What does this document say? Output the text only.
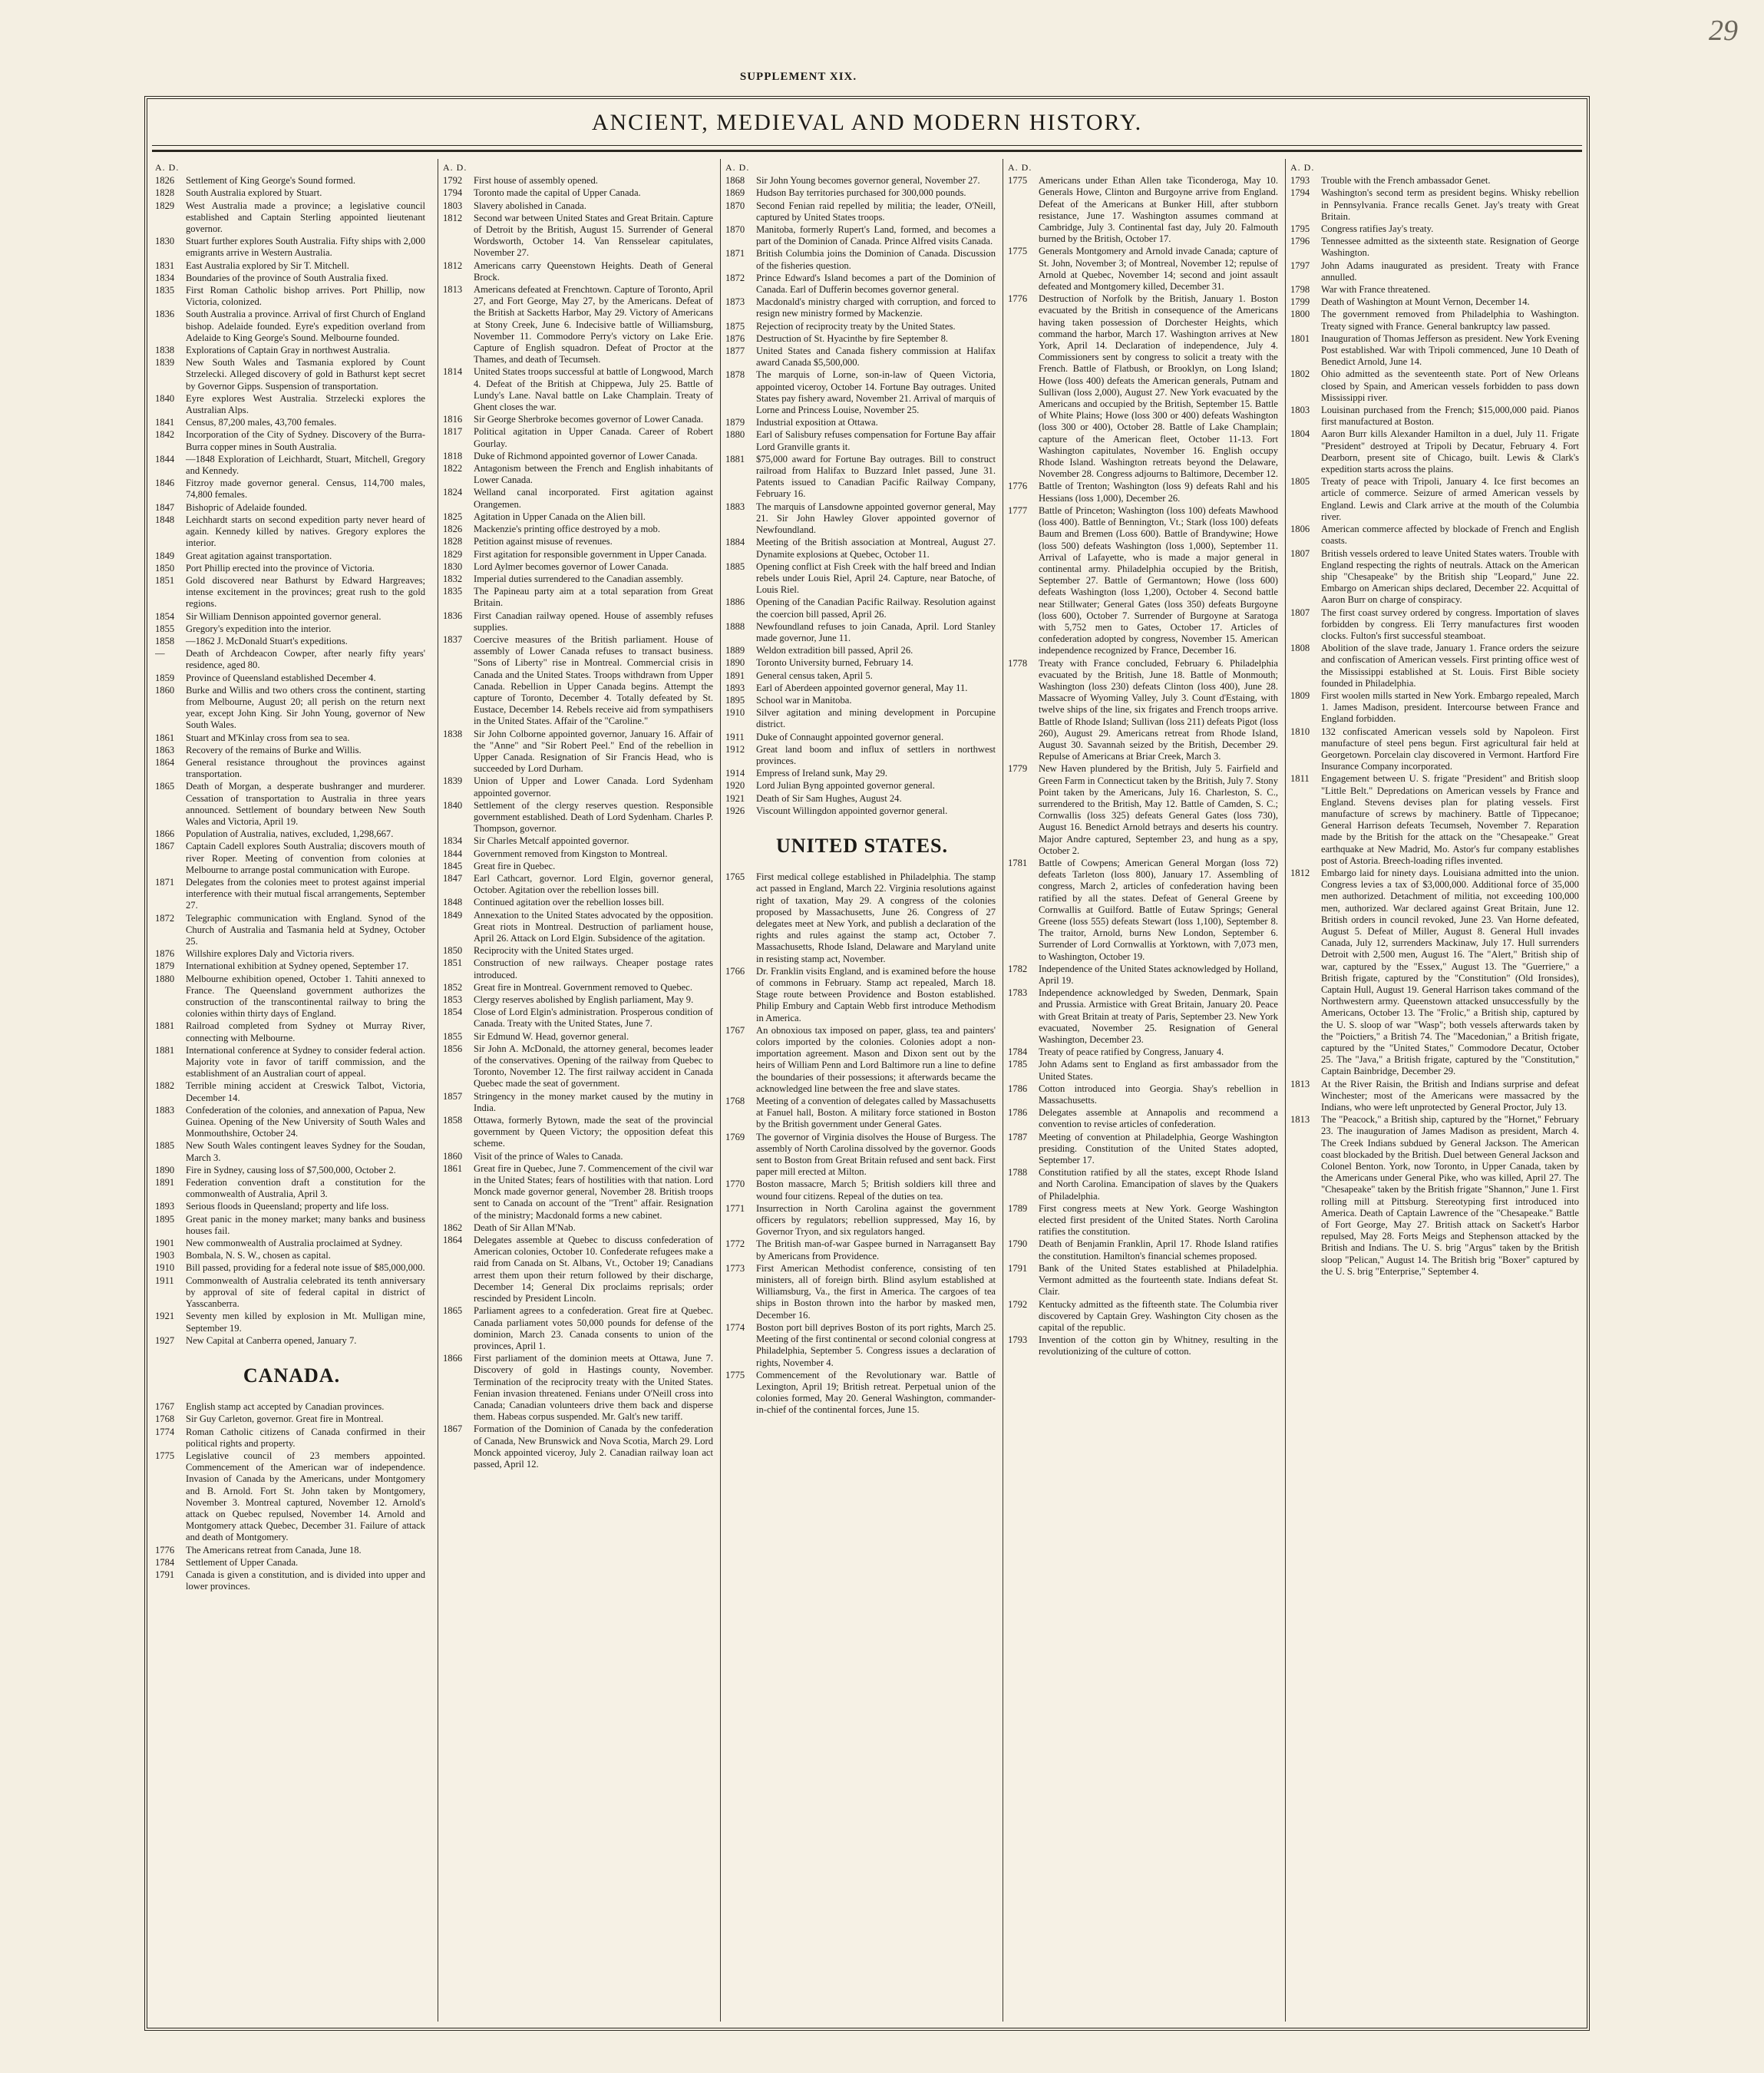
29
SUPPLEMENT XIX.
ANCIENT, MEDIEVAL AND MODERN HISTORY.
A. D.
1826	Settlement of King George's Sound formed.
1828	South Australia explored by Stuart.
1829	West Australia made a province; a legislative council established and Captain Sterling appointed lieutenant governor.
1830	Stuart further explores South Australia. Fifty ships with 2,000 emigrants arrive in Western Australia.
1831	East Australia explored by Sir T. Mitchell.
1834	Boundaries of the province of South Australia fixed.
1835	First Roman Catholic bishop arrives. Port Phillip, now Victoria, colonized.
1836	South Australia a province. Arrival of first Church of England bishop. Adelaide founded. Eyre's expedition overland from Adelaide to King George's Sound. Melbourne founded.
1838	Explorations of Captain Gray in northwest Australia.
1839	New South Wales and Tasmania explored by Count Strzelecki. Alleged discovery of gold in Bathurst kept secret by Governor Gipps. Suspension of transportation.
1840	Eyre explores West Australia. Strzelecki explores the Australian Alps.
1841	Census, 87,200 males, 43,700 females.
1842	Incorporation of the City of Sydney. Discovery of the Burra-Burra copper mines in South Australia.
1844	—1848 Exploration of Leichhardt, Stuart, Mitchell, Gregory and Kennedy.
1846	Fitzroy made governor general. Census, 114,700 males, 74,800 females.
1847	Bishopric of Adelaide founded.
1848	Leichhardt starts on second expedition party never heard of again. Kennedy killed by natives. Gregory explores the interior.
1849	Great agitation against transportation.
1850	Port Phillip erected into the province of Victoria.
1851	Gold discovered near Bathurst by Edward Hargreaves; intense excitement in the provinces; great rush to the gold regions.
1854	Sir William Dennison appointed governor general.
1855	Gregory's expedition into the interior.
1858	—1862 J. McDonald Stuart's expeditions.
—	Death of Archdeacon Cowper, after nearly fifty years' residence, aged 80.
1859	Province of Queensland established December 4.
1860	Burke and Willis and two others cross the continent, starting from Melbourne, August 20; all perish on the return next year, except John King. Sir John Young, governor of New South Wales.
1861	Stuart and M'Kinlay cross from sea to sea.
1863	Recovery of the remains of Burke and Willis.
1864	General resistance throughout the provinces against transportation.
1865	Death of Morgan, a desperate bushranger and murderer. Cessation of transportation to Australia in three years announced. Settlement of boundary between New South Wales and Victoria, April 19.
1866	Population of Australia, natives, excluded, 1,298,667.
1867	Captain Cadell explores South Australia; discovers mouth of river Roper. Meeting of convention from colonies at Melbourne to arrange postal communication with Europe.
1871	Delegates from the colonies meet to protest against imperial interference with their mutual fiscal arrangements, September 27.
1872	Telegraphic communication with England. Synod of the Church of Australia and Tasmania held at Sydney, October 25.
1876	Willshire explores Daly and Victoria rivers.
1879	International exhibition at Sydney opened, September 17.
1880	Melbourne exhibition opened, October 1. Tahiti annexed to France. The Queensland government authorizes the construction of the transcontinental railway to bring the colonies within thirty days of England.
1881	Railroad completed from Sydney ot Murray River, connecting with Melbourne.
1881	International conference at Sydney to consider federal action. Majority vote in favor of tariff commission, and the establishment of an Australian court of appeal.
1882	Terrible mining accident at Creswick Talbot, Victoria, December 14.
1883	Confederation of the colonies, and annexation of Papua, New Guinea. Opening of the New University of South Wales and Monmouthshire, October 24.
1885	New South Wales contingent leaves Sydney for the Soudan, March 3.
1890	Fire in Sydney, causing loss of $7,500,000, October 2.
1891	Federation convention draft a constitution for the commonwealth of Australia, April 3.
1893	Serious floods in Queensland; property and life loss.
1895	Great panic in the money market; many banks and business houses fail.
1901	New commonwealth of Australia proclaimed at Sydney.
1903	Bombala, N. S. W., chosen as capital.
1910	Bill passed, providing for a federal note issue of $85,000,000.
1911	Commonwealth of Australia celebrated its tenth anniversary by approval of site of federal capital in district of Yasscanberra.
1921	Seventy men killed by explosion in Mt. Mulligan mine, September 19.
1927	New Capital at Canberra opened, January 7.
CANADA.
1767	English stamp act accepted by Canadian provinces.
1768	Sir Guy Carleton, governor. Great fire in Montreal.
1774	Roman Catholic citizens of Canada confirmed in their political rights and property.
1775	Legislative council of 23 members appointed. Commencement of the American war of independence. Invasion of Canada by the Americans, under Montgomery and B. Arnold. Fort St. John taken by Montgomery, November 3. Montreal captured, November 12. Arnold's attack on Quebec repulsed, November 14. Arnold and Montgomery attack Quebec, December 31. Failure of attack and death of Montgomery.
1776	The Americans retreat from Canada, June 18.
1784	Settlement of Upper Canada.
1791	Canada is given a constitution, and is divided into upper and lower provinces.
A. D.
1792	First house of assembly opened.
1794	Toronto made the capital of Upper Canada.
1803	Slavery abolished in Canada.
1812	Second war between United States and Great Britain. Capture of Detroit by the British, August 15. Surrender of General Wordsworth, October 14. Van Rensselear capitulates, November 27.
1812	Americans carry Queenstown Heights. Death of General Brock.
1813	Americans defeated at Frenchtown. Capture of Toronto, April 27, and Fort George, May 27, by the Americans. Defeat of the British at Sacketts Harbor, May 29. Victory of Americans at Stony Creek, June 6. Indecisive battle of Williamsburg, November 11. Commodore Perry's victory on Lake Erie. Capture of English squadron. Defeat of Proctor at the Thames, and death of Tecumseh.
1814	United States troops successful at battle of Longwood, March 4. Defeat of the British at Chippewa, July 25. Battle of Lundy's Lane. Naval battle on Lake Champlain. Treaty of Ghent closes the war.
1816	Sir George Sherbroke becomes governor of Lower Canada.
1817	Political agitation in Upper Canada. Career of Robert Gourlay.
1818	Duke of Richmond appointed governor of Lower Canada.
1822	Antagonism between the French and English inhabitants of Lower Canada.
1824	Welland canal incorporated. First agitation against Orangemen.
1825	Agitation in Upper Canada on the Alien bill.
1826	Mackenzie's printing office destroyed by a mob.
1828	Petition against misuse of revenues.
1829	First agitation for responsible government in Upper Canada.
1830	Lord Aylmer becomes governor of Lower Canada.
1832	Imperial duties surrendered to the Canadian assembly.
1835	The Papineau party aim at a total separation from Great Britain.
1836	First Canadian railway opened. House of assembly refuses supplies.
1837	Coercive measures of the British parliament. House of assembly of Lower Canada refuses to transact business. "Sons of Liberty" rise in Montreal. Commercial crisis in Canada and the United States. Troops withdrawn from Upper Canada. Rebellion in Upper Canada begins. Attempt the capture of Toronto, December 4. Totally defeated by St. Eustace, December 14. Rebels receive aid from sympathisers in the United States. Affair of the "Caroline."
1838	Sir John Colborne appointed governor, January 16. Affair of the "Anne" and "Sir Robert Peel." End of the rebellion in Upper Canada. Resignation of Sir Francis Head, who is succeeded by Lord Durham.
1839	Union of Upper and Lower Canada. Lord Sydenham appointed governor.
1840	Settlement of the clergy reserves question. Responsible government established. Death of Lord Sydenham. Charles P. Thompson, governor.
1834	Sir Charles Metcalf appointed governor.
1844	Government removed from Kingston to Montreal.
1845	Great fire in Quebec.
1847	Earl Cathcart, governor. Lord Elgin, governor general, October. Agitation over the rebellion losses bill.
1848	Continued agitation over the rebellion losses bill.
1849	Annexation to the United States advocated by the opposition. Great riots in Montreal. Destruction of parliament house, April 26. Attack on Lord Elgin. Subsidence of the agitation.
1850	Reciprocity with the United States urged.
1851	Construction of new railways. Cheaper postage rates introduced.
1852	Great fire in Montreal. Government removed to Quebec.
1853	Clergy reserves abolished by English parliament, May 9.
1854	Close of Lord Elgin's administration. Prosperous condition of Canada. Treaty with the United States, June 7.
1855	Sir Edmund W. Head, governor general.
1856	Sir John A. McDonald, the attorney general, becomes leader of the conservatives. Opening of the railway from Quebec to Toronto, November 12. The first railway accident in Canada Quebec made the seat of government.
1857	Stringency in the money market caused by the mutiny in India.
1858	Ottawa, formerly Bytown, made the seat of the provincial government by Queen Victory; the opposition defeat this scheme.
1860	Visit of the prince of Wales to Canada.
1861	Great fire in Quebec, June 7. Commencement of the civil war in the United States; fears of hostilities with that nation. Lord Monck made governor general, November 28. British troops sent to Canada on account of the "Trent" affair. Resignation of the ministry; Macdonald forms a new cabinet.
1862	Death of Sir Allan M'Nab.
1864	Delegates assemble at Quebec to discuss confederation of American colonies, October 10. Confederate refugees make a raid from Canada on St. Albans, Vt., October 19; Canadians arrest them upon their return followed by their discharge, December 14; General Dix proclaims reprisals; order rescinded by President Lincoln.
1865	Parliament agrees to a confederation. Great fire at Quebec. Canada parliament votes 50,000 pounds for defense of the dominion, March 23. Canada consents to union of the provinces, April 1.
1866	First parliament of the dominion meets at Ottawa, June 7. Discovery of gold in Hastings county, November. Termination of the reciprocity treaty with the United States. Fenian invasion threatened. Fenians under O'Neill cross into Canada; Canadian volunteers drive them back and disperse them. Habeas corpus suspended. Mr. Galt's new tariff.
1867	Formation of the Dominion of Canada by the confederation of Canada, New Brunswick and Nova Scotia, March 29. Lord Monck appointed viceroy, July 2. Canadian railway loan act passed, April 12.
A. D.
1868	Sir John Young becomes governor general, November 27.
1869	Hudson Bay territories purchased for 300,000 pounds.
1870	Second Fenian raid repelled by militia; the leader, O'Neill, captured by United States troops.
1870	Manitoba, formerly Rupert's Land, formed, and becomes a part of the Dominion of Canada. Prince Alfred visits Canada.
1871	British Columbia joins the Dominion of Canada. Discussion of the fisheries question.
1872	Prince Edward's Island becomes a part of the Dominion of Canada. Earl of Dufferin becomes governor general.
1873	Macdonald's ministry charged with corruption, and forced to resign new ministry formed by Mackenzie.
1875	Rejection of reciprocity treaty by the United States.
1876	Destruction of St. Hyacinthe by fire September 8.
1877	United States and Canada fishery commission at Halifax award Canada $5,500,000.
1878	The marquis of Lorne, son-in-law of Queen Victoria, appointed viceroy, October 14. Fortune Bay outrages. United States pay fishery award, November 21. Arrival of marquis of Lorne and Princess Louise, November 25.
1879	Industrial exposition at Ottawa.
1880	Earl of Salisbury refuses compensation for Fortune Bay affair Lord Granville grants it.
1881	$75,000 award for Fortune Bay outrages. Bill to construct railroad from Halifax to Buzzard Inlet passed, June 31. Patents issued to Canadian Pacific Railway Company, February 16.
1883	The marquis of Lansdowne appointed governor general, May 21. Sir John Hawley Glover appointed governor of Newfoundland.
1884	Meeting of the British association at Montreal, August 27. Dynamite explosions at Quebec, October 11.
1885	Opening conflict at Fish Creek with the half breed and Indian rebels under Louis Riel, April 24. Capture, near Batoche, of Louis Riel.
1886	Opening of the Canadian Pacific Railway. Resolution against the coercion bill passed, April 26.
1888	Newfoundland refuses to join Canada, April. Lord Stanley made governor, June 11.
1889	Weldon extradition bill passed, April 26.
1890	Toronto University burned, February 14.
1891	General census taken, April 5.
1893	Earl of Aberdeen appointed governor general, May 11.
1895	School war in Manitoba.
1910	Silver agitation and mining development in Porcupine district.
1911	Duke of Connaught appointed governor general.
1912	Great land boom and influx of settlers in northwest provinces.
1914	Empress of Ireland sunk, May 29.
1920	Lord Julian Byng appointed governor general.
1921	Death of Sir Sam Hughes, August 24.
1926	Viscount Willingdon appointed governor general.
UNITED STATES.
1765	First medical college established in Philadelphia. The stamp act passed in England, March 22. Virginia resolutions against right of taxation, May 29. A congress of the colonies proposed by Massachusetts, June 26. Congress of 27 delegates meet at New York, and publish a declaration of the rights and rules against the stamp act, October 7. Massachusetts, Rhode Island, Delaware and Maryland unite in resisting stamp act, November.
1766	Dr. Franklin visits England, and is examined before the house of commons in February. Stamp act repealed, March 18. Stage route between Providence and Boston established. Philip Embury and Captain Webb first introduce Methodism in America.
1767	An obnoxious tax imposed on paper, glass, tea and painters' colors imported by the colonies. Colonies adopt a non-importation agreement. Mason and Dixon sent out by the heirs of William Penn and Lord Baltimore run a line to define the boundaries of their possessions; it afterwards became the acknowledged line between the free and slave states.
1768	Meeting of a convention of delegates called by Massachusetts at Fanuel hall, Boston. A military force stationed in Boston by the British government under General Gates.
1769	The governor of Virginia disolves the House of Burgess. The assembly of North Carolina dissolved by the governor. Goods sent to Boston from Great Britain refused and sent back. First paper mill erected at Milton.
1770	Boston massacre, March 5; British soldiers kill three and wound four citizens. Repeal of the duties on tea.
1771	Insurrection in North Carolina against the government officers by regulators; rebellion suppressed, May 16, by Governor Tryon, and six regulators hanged.
1772	The British man-of-war Gaspee burned in Narragansett Bay by Americans from Providence.
1773	First American Methodist conference, consisting of ten ministers, all of foreign birth. Blind asylum established at Williamsburg, Va., the first in America. The cargoes of tea ships in Boston thrown into the harbor by masked men, December 16.
1774	Boston port bill deprives Boston of its port rights, March 25. Meeting of the first continental or second colonial congress at Philadelphia, September 5. Congress issues a declaration of rights, November 4.
1775	Commencement of the Revolutionary war. Battle of Lexington, April 19; British retreat. Perpetual union of the colonies formed, May 20. General Washington, commander-in-chief of the continental forces, June 15.
A. D.
1775	Americans under Ethan Allen take Ticonderoga, May 10. Generals Howe, Clinton and Burgoyne arrive from England. Defeat of the Americans at Bunker Hill, after stubborn resistance, June 17. Washington assumes command at Cambridge, July 3. Continental fast day, July 20. Falmouth burned by the British, October 17.
1775	Generals Montgomery and Arnold invade Canada; capture of St. John, November 3; of Montreal, November 12; repulse of Arnold at Quebec, November 14; second and joint assault defeated and Montgomery killed, December 31.
1776	Destruction of Norfolk by the British, January 1. Boston evacuated by the British in consequence of the Americans having taken possession of Dorchester Heights, which command the harbor, March 17. Washington arrives at New York, April 14. Declaration of independence, July 4. Commissioners sent by congress to solicit a treaty with the French. Battle of Flatbush, or Brooklyn, on Long Island; Howe (loss 400) defeats the American generals, Putnam and Sullivan (loss 2,000), August 27. New York evacuated by the Americans and occupied by the British, September 15. Battle of White Plains; Howe (loss 300 or 400) defeats Washington (loss 300 or 400), October 28. Battle of Lake Champlain; capture of the American fleet, October 11-13. Fort Washington capitulates, November 16. English occupy Rhode Island. Washington retreats beyond the Delaware, November 28. Congress adjourns to Baltimore, December 12.
1776	Battle of Trenton; Washington (loss 9) defeats Rahl and his Hessians (loss 1,000), December 26.
1777	Battle of Princeton; Washington (loss 100) defeats Mawhood (loss 400). Battle of Bennington, Vt.; Stark (loss 100) defeats Baum and Bremen (Loss 600). Battle of Brandywine; Howe (loss 500) defeats Washington (loss 1,000), September 11. Arrival of Lafayette, who is made a major general in continental army. Philadelphia occupied by the British, September 27. Battle of Germantown; Howe (loss 600) defeats Washington (loss 1,200), October 4. Second battle near Stillwater; General Gates (loss 350) defeats Burgoyne (loss 600), October 7. Surrender of Burgoyne at Saratoga with 5,752 men to Gates, October 17. Articles of confederation adopted by congress, November 15. American independence recognized by France, December 16.
1778	Treaty with France concluded, February 6. Philadelphia evacuated by the British, June 18. Battle of Monmouth; Washington (loss 230) defeats Clinton (loss 400), June 28. Massacre of Wyoming Valley, July 3. Count d'Estaing, with twelve ships of the line, six frigates and French troops arrive. Battle of Rhode Island; Sullivan (loss 211) defeats Pigot (loss 260), August 29. Americans retreat from Rhode Island, August 30. Savannah seized by the British, December 29. Repulse of Americans at Briar Creek, March 3.
1779	New Haven plundered by the British, July 5. Fairfield and Green Farm in Connecticut taken by the British, July 7. Stony Point taken by the Americans, July 16. Charleston, S. C., surrendered to the British, May 12. Battle of Camden, S. C.; Cornwallis (loss 325) defeats General Gates (loss 730), August 16. Benedict Arnold betrays and deserts his country. Major Andre captured, September 23, and hung as a spy, October 2.
1781	Battle of Cowpens; American General Morgan (loss 72) defeats Tarleton (loss 800), January 17. Assembling of congress, March 2, articles of confederation having been ratified by all the states. Defeat of General Greene by Cornwallis at Guilford. Battle of Eutaw Springs; General Greene (loss 555) defeats Stewart (loss 1,100), September 8. The traitor, Arnold, burns New London, September 6. Surrender of Lord Cornwallis at Yorktown, with 7,073 men, to Washington, October 19.
1782	Independence of the United States acknowledged by Holland, April 19.
1783	Independence acknowledged by Sweden, Denmark, Spain and Prussia. Armistice with Great Britain, January 20. Peace with Great Britain at treaty of Paris, September 23. New York evacuated, November 25. Resignation of General Washington, December 23.
1784	Treaty of peace ratified by Congress, January 4.
1785	John Adams sent to England as first ambassador from the United States.
1786	Cotton introduced into Georgia. Shay's rebellion in Massachusetts.
1786	Delegates assemble at Annapolis and recommend a convention to revise articles of confederation.
1787	Meeting of convention at Philadelphia, George Washington presiding. Constitution of the United States adopted, September 17.
1788	Constitution ratified by all the states, except Rhode Island and North Carolina. Emancipation of slaves by the Quakers of Philadelphia.
1789	First congress meets at New York. George Washington elected first president of the United States. North Carolina ratifies the constitution.
1790	Death of Benjamin Franklin, April 17. Rhode Island ratifies the constitution. Hamilton's financial schemes proposed.
1791	Bank of the United States established at Philadelphia. Vermont admitted as the fourteenth state. Indians defeat St. Clair.
1792	Kentucky admitted as the fifteenth state. The Columbia river discovered by Captain Grey. Washington City chosen as the capital of the republic.
1793	Invention of the cotton gin by Whitney, resulting in the revolutionizing of the culture of cotton.
A. D.
1793	Trouble with the French ambassador Genet.
1794	Washington's second term as president begins. Whisky rebellion in Pennsylvania. France recalls Genet. Jay's treaty with Great Britain.
1795	Congress ratifies Jay's treaty.
1796	Tennessee admitted as the sixteenth state. Resignation of George Washington.
1797	John Adams inaugurated as president. Treaty with France annulled.
1798	War with France threatened.
1799	Death of Washington at Mount Vernon, December 14.
1800	The government removed from Philadelphia to Washington. Treaty signed with France. General bankruptcy law passed.
1801	Inauguration of Thomas Jefferson as president. New York Evening Post established. War with Tripoli commenced, June 10 Death of Benedict Arnold, June 14.
1802	Ohio admitted as the seventeenth state. Port of New Orleans closed by Spain, and American vessels forbidden to pass down Mississippi river.
1803	Louisinan purchased from the French; $15,000,000 paid. Pianos first manufactured at Boston.
1804	Aaron Burr kills Alexander Hamilton in a duel, July 11. Frigate "President" destroyed at Tripoli by Decatur, February 4. Fort Dearborn, present site of Chicago, built. Lewis & Clark's expedition starts across the plains.
1805	Treaty of peace with Tripoli, January 4. Ice first becomes an article of commerce. Seizure of armed American vessels by England. Lewis and Clark arrive at the mouth of the Columbia river.
1806	American commerce affected by blockade of French and English coasts.
1807	British vessels ordered to leave United States waters. Trouble with England respecting the rights of neutrals. Attack on the American ship "Chesapeake" by the British ship "Leopard," June 22. Embargo on American ships declared, December 22. Acquittal of Aaron Burr on charge of conspiracy.
1807	The first coast survey ordered by congress. Importation of slaves forbidden by congress. Eli Terry manufactures first wooden clocks. Fulton's first successful steamboat.
1808	Abolition of the slave trade, January 1. France orders the seizure and confiscation of American vessels. First printing office west of the Mississippi established at St. Louis. First Bible society founded in Philadelphia.
1809	First woolen mills started in New York. Embargo repealed, March 1. James Madison, president. Intercourse between France and England forbidden.
1810	132 confiscated American vessels sold by Napoleon. First manufacture of steel pens begun. First agricultural fair held at Georgetown. Porcelain clay discovered in Vermont. Hartford Fire Insurance Company incorporated.
1811	Engagement between U. S. frigate "President" and British sloop "Little Belt." Depredations on American vessels by France and England. Stevens devises plan for plating vessels. First manufacture of screws by machinery. Battle of Tippecanoe; General Harrison defeats Tecumseh, November 7. Reparation made by the British for the attack on the "Chesapeake." Great earthquake at New Madrid, Mo. Astor's fur company establishes post of Astoria. Breech-loading rifles invented.
1812	Embargo laid for ninety days. Louisiana admitted into the union. Congress levies a tax of $3,000,000. Additional force of 35,000 men authorized. Detachment of militia, not exceeding 100,000 men, authorized. War declared against Great Britain, June 12. British orders in council revoked, June 23. Van Horne defeated, August 5. Defeat of Miller, August 8. General Hull invades Canada, July 12, surrenders Mackinaw, July 17. Hull surrenders Detroit with 2,500 men, August 16. The "Alert," British ship of war, captured by the "Essex," August 13. The "Guerriere," a British frigate, captured by the "Constitution" (Old Ironsides), Captain Hull, August 19. General Harrison takes command of the Northwestern army. Queenstown attacked unsuccessfully by the Americans, October 13. The "Frolic," a British ship, captured by the U. S. sloop of war "Wasp"; both vessels afterwards taken by the "Poictiers," a British 74. The "Macedonian," a British frigate, captured by the "United States," Commodore Decatur, October 25. The "Java," a British frigate, captured by the "Constitution," Captain Bainbridge, December 29.
1813	At the River Raisin, the British and Indians surprise and defeat Winchester; most of the Americans were massacred by the Indians, who were left unprotected by General Proctor, July 13.
1813	The "Peacock," a British ship, captured by the "Hornet," February 23. The inauguration of James Madison as president, March 4. The Creek Indians subdued by General Jackson. The American coast blockaded by the British. Duel between General Jackson and Colonel Benton. York, now Toronto, in Upper Canada, taken by the Americans under General Pike, who was killed, April 27. The "Chesapeake" taken by the British frigate "Shannon," June 1. First rolling mill at Pittsburg. Stereotyping first introduced into America. Death of Captain Lawrence of the "Chesapeake." Battle of Fort George, May 27. British attack on Sackett's Harbor repulsed, May 28. Forts Meigs and Stephenson attacked by the British and Indians. The U. S. brig "Argus" taken by the British sloop "Pelican," August 14. The British brig "Boxer" captured by the U. S. brig "Enterprise," September 4.
